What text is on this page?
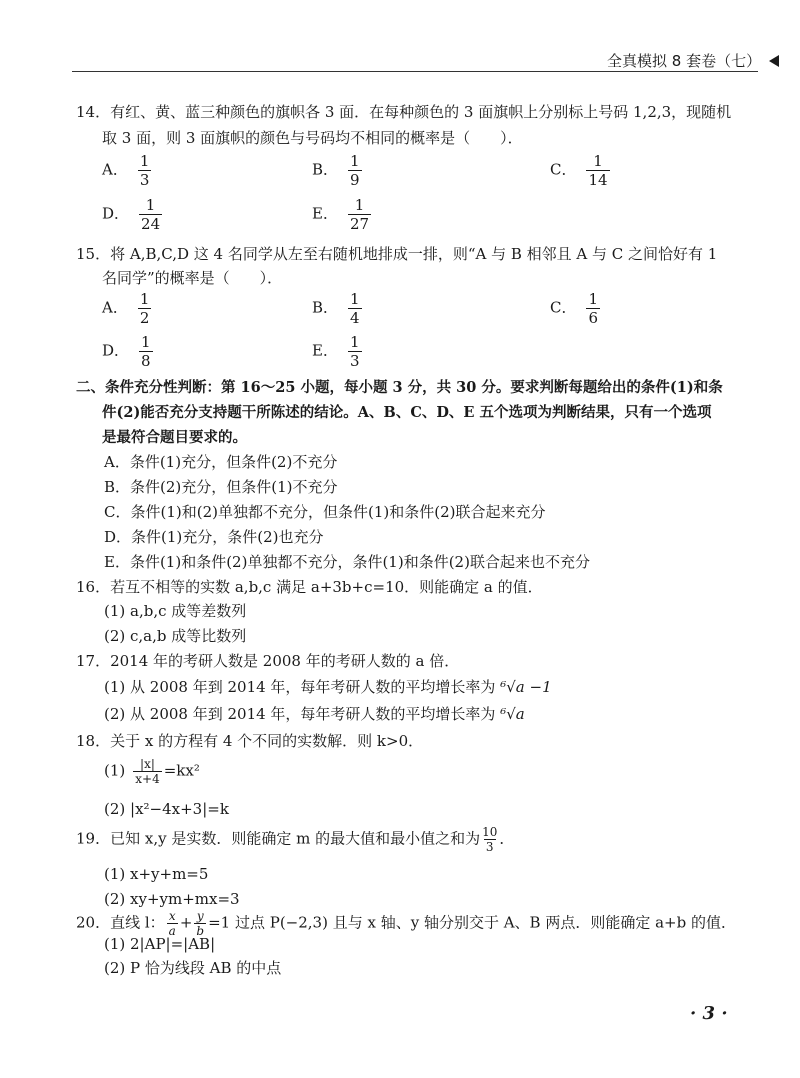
全真模拟 8 套卷（七）
14．有红、黄、蓝三种颜色的旗帜各 3 面．在每种颜色的 3 面旗帜上分别标上号码 1,2,3，现随机
取 3 面，则 3 面旗帜的颜色与号码均不相同的概率是（　　）．
A． $\frac{1}{3}$	B． $\frac{1}{9}$	C． $\frac{1}{14}$
D． $\frac{1}{24}$	E． $\frac{1}{27}$
15．将 A,B,C,D 这 4 名同学从左至右随机地排成一排，则“A 与 B 相邻且 A 与 C 之间恰好有 1
名同学”的概率是（　　）．
A． $\frac{1}{2}$	B． $\frac{1}{4}$	C． $\frac{1}{6}$
D． $\frac{1}{8}$	E． $\frac{1}{3}$
二、条件充分性判断：第 16～25 小题，每小题 3 分，共 30 分。要求判断每题给出的条件(1)和条
件(2)能否充分支持题干所陈述的结论。A、B、C、D、E 五个选项为判断结果，只有一个选项
是最符合题目要求的。
A．条件(1)充分，但条件(2)不充分
B．条件(2)充分，但条件(1)不充分
C．条件(1)和(2)单独都不充分，但条件(1)和条件(2)联合起来充分
D．条件(1)充分，条件(2)也充分
E．条件(1)和条件(2)单独都不充分，条件(1)和条件(2)联合起来也不充分
16．若互不相等的实数 a,b,c 满足 a+3b+c=10．则能确定 a 的值．
(1) a,b,c 成等差数列
(2) c,a,b 成等比数列
17．2014 年的考研人数是 2008 年的考研人数的 a 倍．
(1) 从 2008 年到 2014 年，每年考研人数的平均增长率为 ⁶√a −1
(2) 从 2008 年到 2014 年，每年考研人数的平均增长率为 ⁶√a
18．关于 x 的方程有 4 个不同的实数解．则 k>0．
$(1) \frac{|x|}{x+4} =kx^2$
(2) |x²−4x+3|=k
19．已知 x,y 是实数．则能确定 m 的最大值和最小值之和为 $\frac{10}{3}$ ．
(1) x+y+m=5
(2) xy+ym+mx=3
20．直线 l： $\frac{x}{a} + \frac{y}{b} =1$ 过点 P(−2,3) 且与 x 轴、y 轴分别交于 A、B 两点．则能确定 a+b 的值．
(1) 2|AP|=|AB|
(2) P 恰为线段 AB 的中点
· 3 ·
